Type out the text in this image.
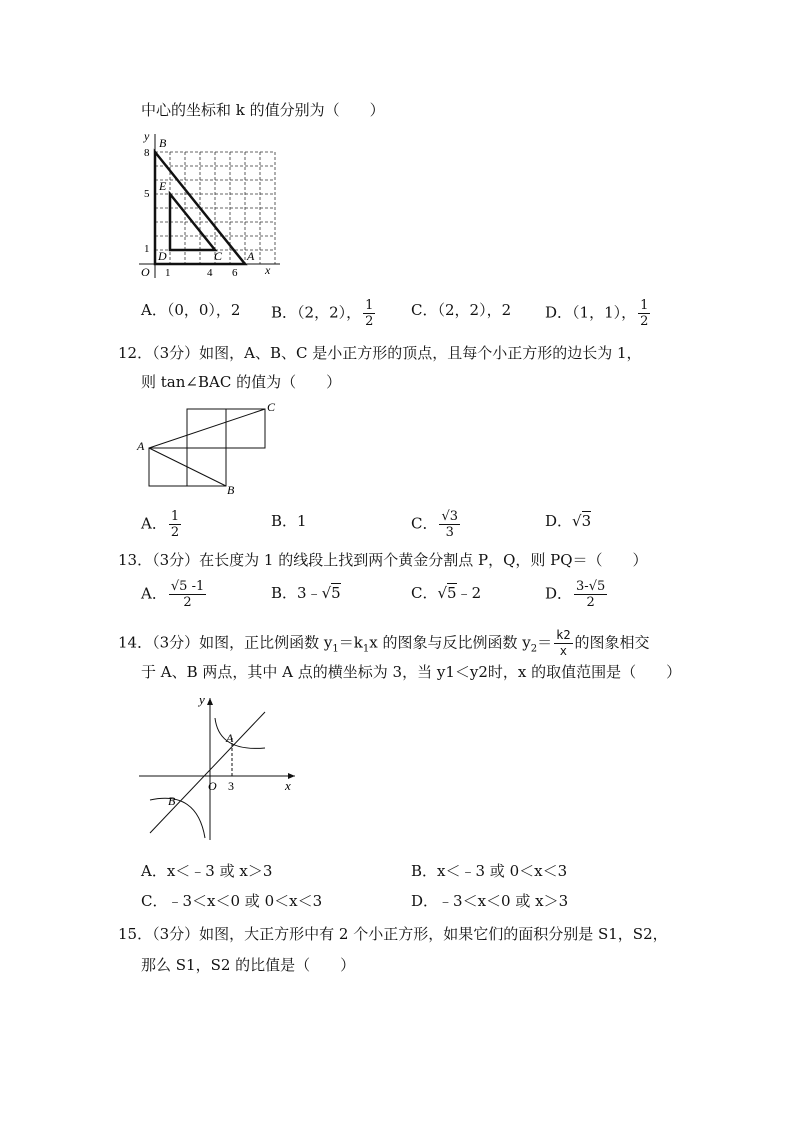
中心的坐标和 k 的值分别为（　　）
y
x
O
8
5
1
1	4 6
B
E
D	C A
A．（0，0），2 B．（2，2）， $\frac{1}{2}$ C．（2，2），2 D．（1，1）， $\frac{1}{2}$
12．（3分）如图，A、B、C 是小正方形的顶点，且每个小正方形的边长为 1，
则 tan∠BAC 的值为（　　）
A
B
C
A． $\frac{1}{2}$	B．1	C． $\frac{√3}{3}$	D．√3
13．（3分）在长度为 1 的线段上找到两个黄金分割点 P，Q，则 PQ＝（　　）
A． $\frac{√5 -1}{2}$	B．3﹣√5	C．√5﹣2	D． $\frac{3-√5}{2}$
14．（3分）如图，正比例函数 $y_1=k_1x$ 的图象与反比例函数 $y_2= \frac{k2}{x}$ 的图象相交
于 A、B 两点，其中 A 点的横坐标为 3，当 y1＜y2时，x 的取值范围是（　　）
y
x
O 3
A
B
A．x＜﹣3 或 x＞3	B．x＜﹣3 或 0＜x＜3
C．﹣3＜x＜0 或 0＜x＜3	D．﹣3＜x＜0 或 x＞3
15．（3分）如图，大正方形中有 2 个小正方形，如果它们的面积分别是 S1，S2，
那么 S1，S2 的比值是（　　）
